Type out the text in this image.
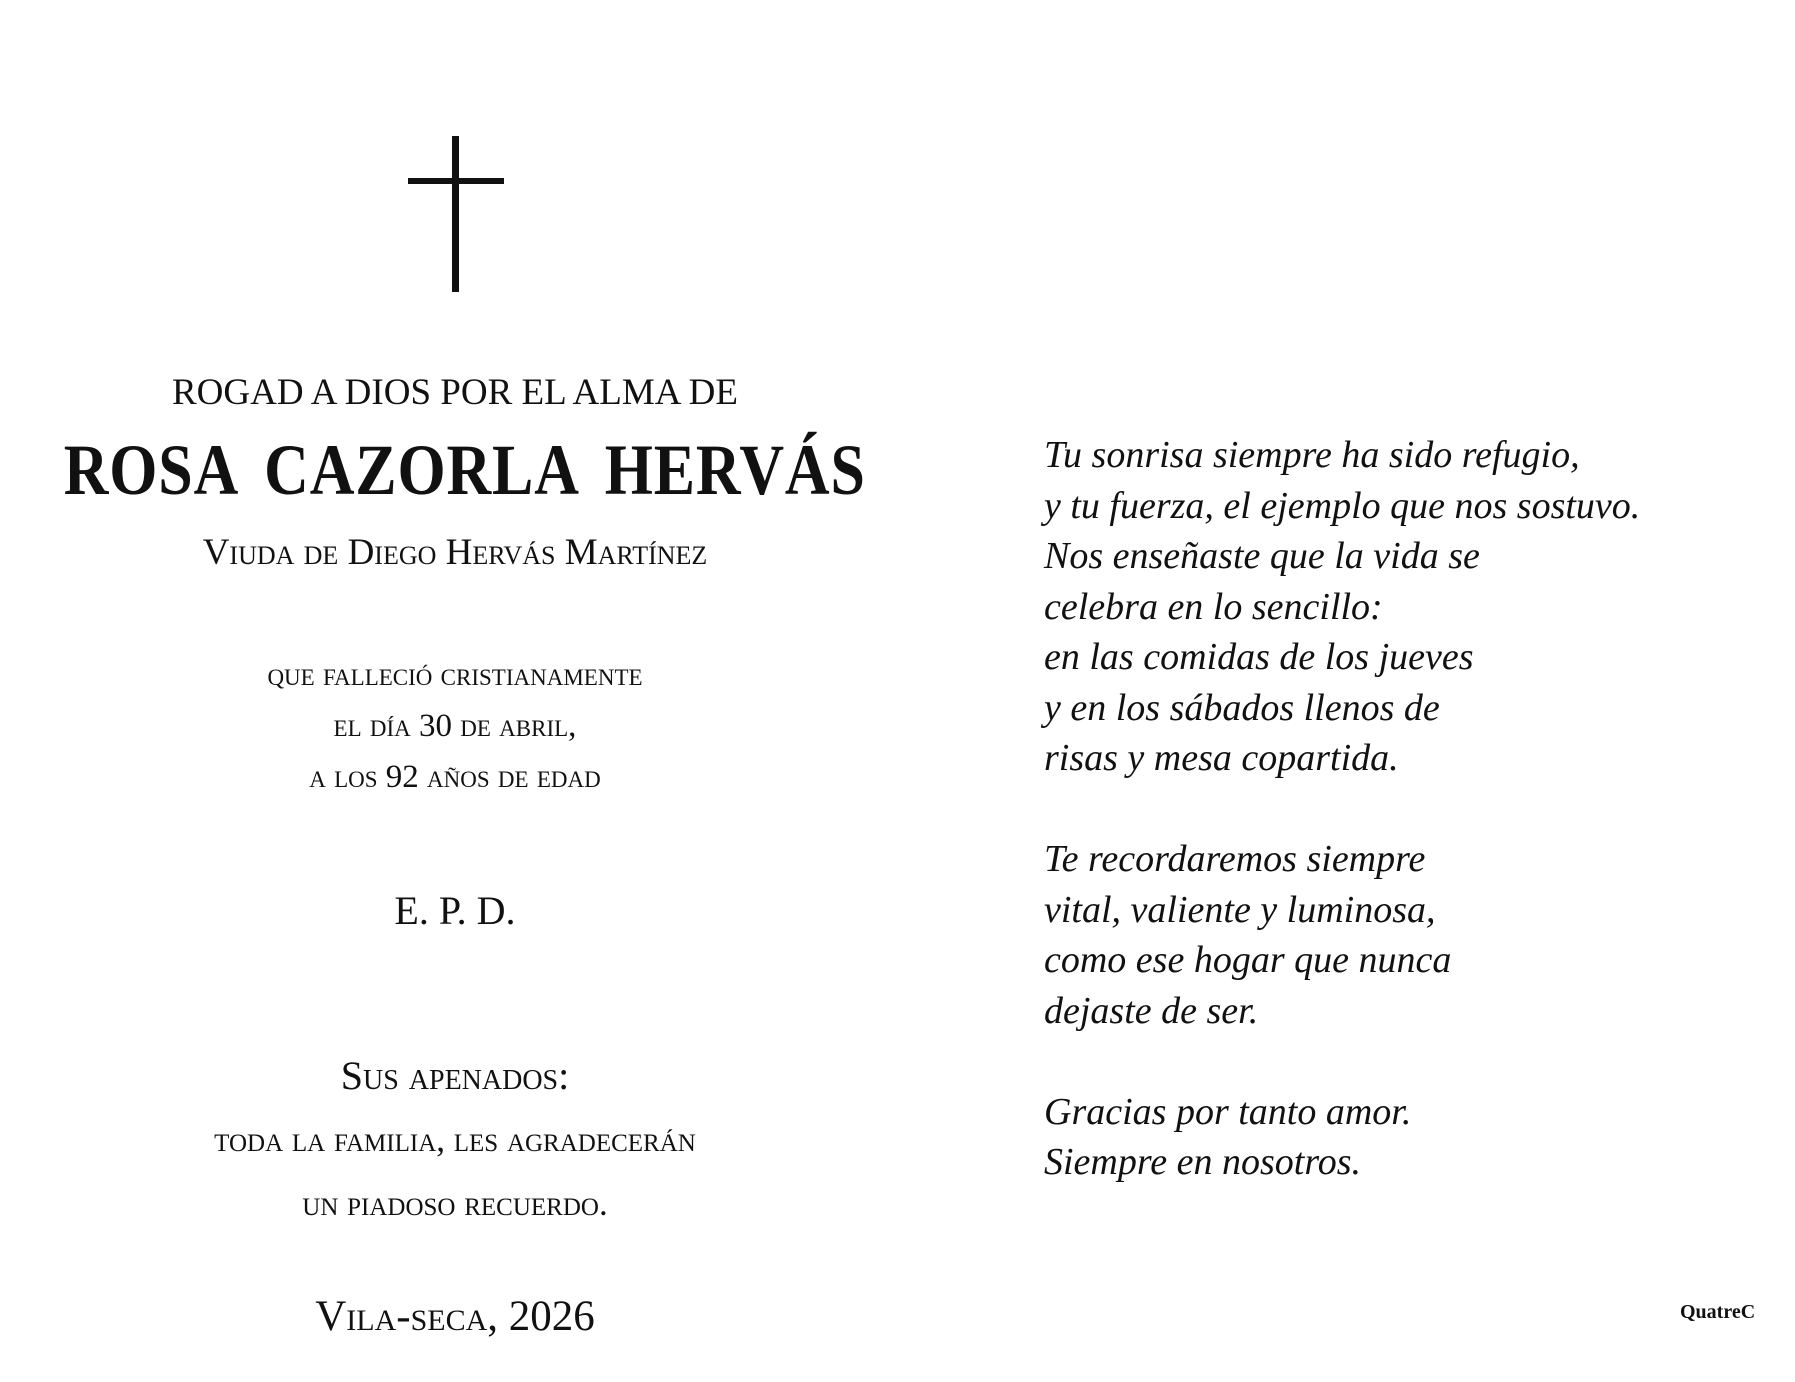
ROGAD A DIOS POR EL ALMA DE
ROSA CAZORLA HERVÁS
Viuda de Diego Hervás Martínez
que falleció cristianamente
el día 30 de abril,
a los 92 años de edad
E. P. D.
Sus apenados:
toda la familia, les agradecerán
un piadoso recuerdo.
Vila-seca, 2026
Tu sonrisa siempre ha sido refugio,
y tu fuerza, el ejemplo que nos sostuvo.
Nos enseñaste que la vida se
celebra en lo sencillo:
en las comidas de los jueves
y en los sábados llenos de
risas y mesa copartida.
Te recordaremos siempre
vital, valiente y luminosa,
como ese hogar que nunca
dejaste de ser.
Gracias por tanto amor.
Siempre en nosotros.
QuatreC
